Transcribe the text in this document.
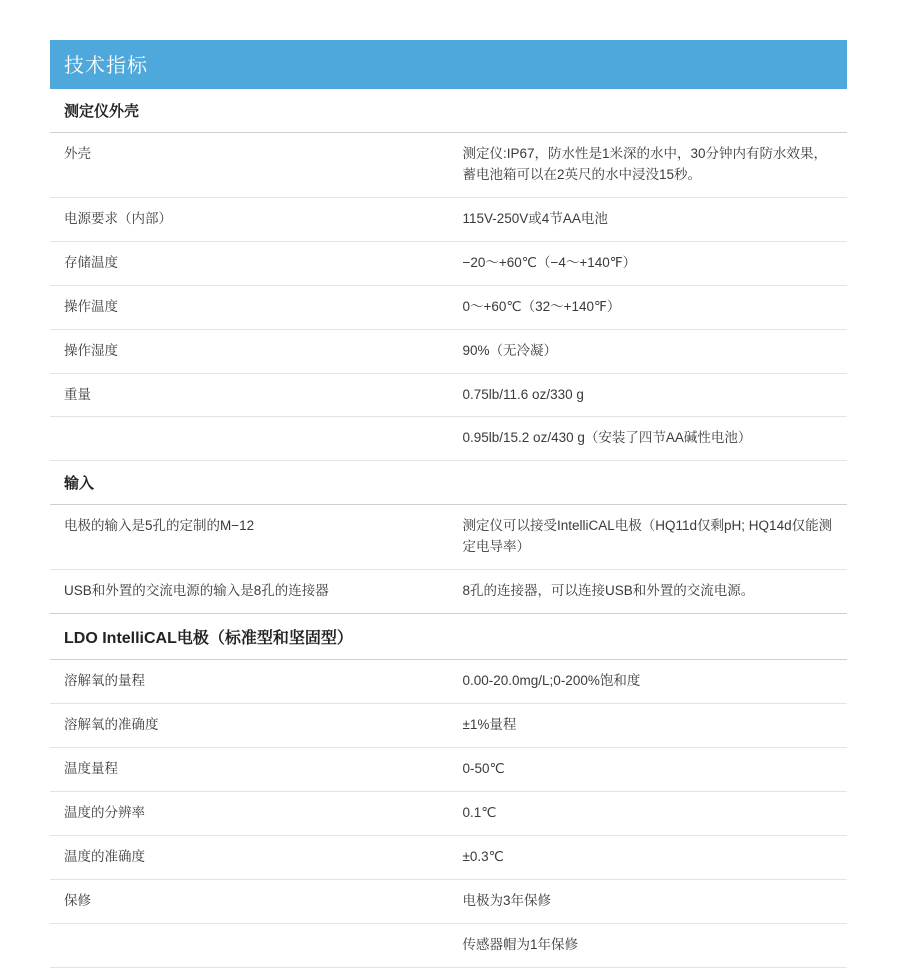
技术指标	
测定仪外壳	
外壳	测定仪:IP67，防水性是1米深的水中，30分钟内有防水效果，蓄电池箱可以在2英尺的水中浸没15秒。
电源要求（内部）	115V-250V或4节AA电池
存储温度	−20～+60℃（−4～+140℉）
操作温度	0～+60℃（32～+140℉）
操作湿度	90%（无冷凝）
重量	0.75lb/11.6 oz/330 g
	0.95lb/15.2 oz/430 g（安装了四节AA碱性电池）
输入	
电极的输入是5孔的定制的M−12	测定仪可以接受IntelliCAL电极（HQ11d仅剩pH; HQ14d仅能测定电导率）
USB和外置的交流电源的输入是8孔的连接器	8孔的连接器，可以连接USB和外置的交流电源。
LDO IntelliCAL电极（标准型和坚固型）	
溶解氧的量程	0.00-20.0mg/L;0-200%饱和度
溶解氧的准确度	±1%量程
温度量程	0-50℃
温度的分辨率	0.1℃
温度的准确度	±0.3℃
保修	电极为3年保修
	传感器帽为1年保修
